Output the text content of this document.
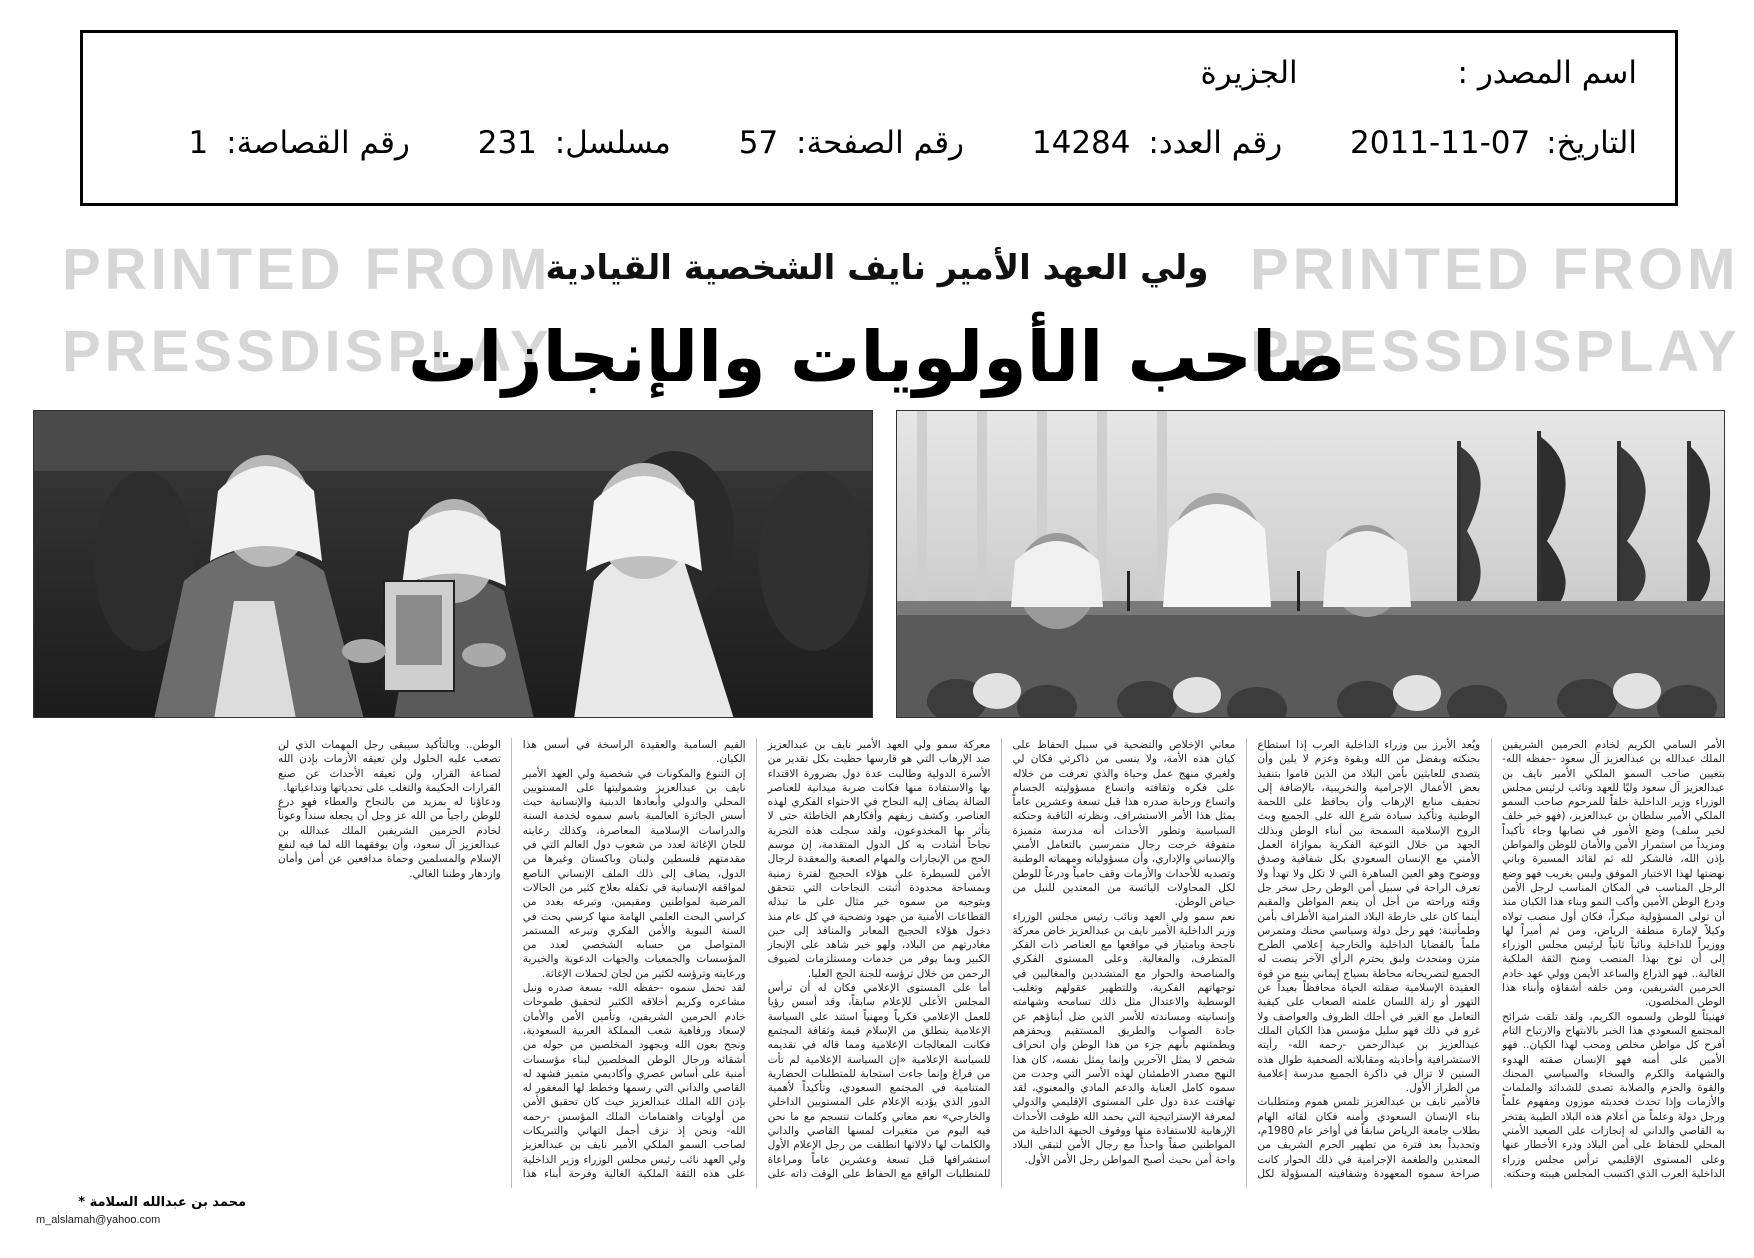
PRINTED FROM
PRESSDISPLAY
PRINTED FROM
PRESSDISPLAY
اسم المصدر : الجزيرة
التاريخ: 2011-11-07 رقم العدد: 14284 رقم الصفحة: 57 مسلسل: 231 رقم القصاصة: 1
ولي العهد الأمير نايف الشخصية القيادية
صاحب الأولويات والإنجازات

الأمر السامي الكريم لخادم الحرمين الشريفين الملك عبدالله بن عبدالعزيز آل سعود -حفظه الله- بتعيين صاحب السمو الملكي الأمير نايف بن عبدالعزيز آل سعود وليًا للعهد ونائب لرئيس مجلس الوزراء وزير الداخلية خلفاً للمرحوم صاحب السمو الملكي الأمير سلطان بن عبدالعزيز، (فهو خير خلف لخير سلف) وضع الأمور في نصابها وجاء تأكيداً ومزيداً من استمرار الأمن والأمان للوطن والمواطن بإذن الله، فالشكر لله ثم لقائد المسيرة وباني نهضتها لهذا الاختيار الموفق وليس بغريب فهو وضع الرجل المناسب في المكان المناسب لرجل الأمن ودرع الوطن الأمين وأكب النمو وبناء هذا الكيان منذ أن تولى المسؤولية مبكراً، فكان أول منصب تولاه وكيلاً لإمارة منطقة الرياض، ومن ثم أميراً لها ووزيراً للداخلية ونائباً ثانياً لرئيس مجلس الوزراء إلى أن توج بهذا المنصب ومنح الثقة الملكية الغالية.. فهو الذراع والساعد الأيمن وولي عهد خادم الحرمين الشريفين، ومن خلفه أشقاؤه وأبناء هذا الوطن المخلصون.

فهنيئاً للوطن ولسموه الكريم، ولقد تلقت شرائح المجتمع السعودي هذا الخبر بالابتهاج والارتياح التام أفرح كل مواطن مخلص ومحب لهذا الكيان.. فهو الأمين على أمنه فهو الإنسان صفته الهدوء والشهامة والكرم والسخاء والسياسي المحنك والقوة والحزم والصلابة تصدى للشدائد والملمات والأزمات وإذا تحدث فحديثه موزون ومفهوم علماً ورجل دولة وعلماً من أعلام هذه البلاد الطيبة يفتخر به القاصي والداني له إنجازات على الصعيد الأمني المحلي للحفاظ على أمن البلاد ودرء الأخطار عنها وعلى المستوى الإقليمي ترأس مجلس وزراء الداخلية العرب الذي اكتسب المجلس هيبته وحنكته.

ويُعد الأبرز بين وزراء الداخلية العرب إذا استطاع بحنكته وبفضل من الله وبقوة وعزم لا يلين وأن يتصدى للعابثين بأمن البلاد من الذين قاموا بتنفيذ بعض الأعمال الإجرامية والتخريبية، بالإضافة إلى تجفيف منابع الإرهاب وأن يحافظ على اللحمة الوطنية وتأكيد سيادة شرع الله على الجميع وبث الروح الإسلامية السمحة بين أبناء الوطن وبذلك الجهد من خلال التوعية الفكرية بموازاة العمل الأمني مع الإنسان السعودي بكل شفافية وصدق ووضوح وهو العين الساهرة التي لا تكل ولا تهدأ ولا تعرف الراحة في سبيل أمن الوطن رجل سخر جل وقته وراحته من أجل أن ينعم المواطن والمقيم أينما كان على خارطة البلاد المترامية الأطراف بأمن وطمأنينة: فهو رجل دولة وسياسي محنك ومتمرس ملماً بالقضايا الداخلية والخارجية إعلامي الطرح متزن ومتحدث ولبق يحترم الرأي الآخر ينصت له الجميع لتصريحاته محاطة بسياج إيماني ينبع من قوة العقيدة الإسلامية صقلته الحياة محافظاً بعيداً عن التهور أو زلة اللسان علمته الصعاب على كيفية التعامل مع الغير في أحلك الظروف والعواصف ولا غرو في ذلك فهو سليل مؤسس هذا الكيان الملك عبدالعزيز بن عبدالرحمن -رحمه الله- رأيته الاستشرافية وأحاديثه ومقابلاته الصحفية طوال هذه السنين لا تزال في ذاكرة الجميع مدرسة إعلامية من الطراز الأول.

فالأمير نايف بن عبدالعزيز تلمس هموم ومتطلبات بناء الإنسان السعودي وأمنه فكان لقائه الهام بطلاب جامعة الرياض سابقاً في أواخر عام 1980م، وتحديداً بعد فترة من تطهير الحرم الشريف من المعتدين والطغمة الإجرامية في ذلك الحوار كانت صراحة سموه المعهودة وشفافيته المسؤولة لكل معاني الإخلاص والتضحية في سبيل الحفاظ على كيان هذه الأمة، ولا ينسى من ذاكرتي فكان لي ولغيري منهج عمل وحياة والذي تعرفت من خلاله على فكره وثقافته واتساع مسؤوليته الجسام واتساع ورحابة صدره هذا قبل تسعة وعشرين عاماً يمثل هذا الأمر الاستشراف، ونظرته الثاقبة وحنكته السياسية وتطور الأحداث أنه مدرسة متميزة متفوقة خرجت رجال متمرسين بالتعامل الأمني والإنساني والإداري، وأن مسؤولياته ومهماته الوطنية وتصديه للأحداث والأزمات وقف حامياً ودرعاً للوطن لكل المحاولات اليائسة من المعتدين للنيل من حياض الوطن.

نعم سمو ولي العهد ونائب رئيس مجلس الوزراء وزير الداخلية الأمير نايف بن عبدالعزيز خاض معركة ناجحة وبامتياز في مواقعها مع العناصر ذات الفكر المتطرف، والمغالية. وعلى المستوى الفكري والمناصحة والحوار مع المتشددين والمغاليين في توجهاتهم الفكرية، وللتطهير عقولهم وتغليب الوسطية والاعتدال مثل ذلك تسامحه وشهامته وإنسانيته ومساندته للأسر الذين ضل أبناؤهم عن جادة الصواب والطريق المستقيم ويحفزهم ويطمئنهم بأنهم جزء من هذا الوطن وأن انحراف شخص لا يمثل الآخرين وإنما يمثل نفسه، كان هذا النهج مصدر الاطمئنان لهذه الأسر التي وجدت من سموه كامل العناية والدعم المادي والمعنوي، لقد تهافتت عدة دول على المستوى الإقليمي والدولي لمعرفة الإستراتيجية التي بحمد الله طوقت الأحداث الإرهابية للاستفادة منها ووقوف الجبهة الداخلية من المواطنين صفاً واحداً مع رجال الأمن لتبقى البلاد واحة أمن بحيث أصبح المواطن رجل الأمن الأول.

معركة سمو ولي العهد الأمير نايف بن عبدالعزيز ضد الإرهاب التي هو قارسها حظيت بكل تقدير من الأسرة الدولية وطالبت عدة دول بضرورة الاقتداء بها والاستفادة منها فكانت ضربة ميدانية للعناصر الضالة يضاف إليه النجاح في الاحتواء الفكري لهذه العناصر، وكشف زيفهم وأفكارهم الخاطئة حتى لا يتأثر بها المخدوعون، ولقد سجلت هذه التجربة نجاحاً أشادت به كل الدول المتقدمة، إن موسم الحج من الإنجازات والمهام الصعبة والمعقدة لرجال الأمن للسيطرة على هؤلاء الحجيج لفترة زمنية وبمساحة محدودة أثبتت النجاحات التي تتحقق وبتوجيه من سموه خير مثال على ما تبذله القطاعات الأمنية من جهود وتضحية في كل عام منذ دخول هؤلاء الحجيج المعابر والمنافذ إلى حين مغادرتهم من البلاد، ولهو خير شاهد على الإنجاز الكبير وبما يوفر من خدمات ومستلزمات لضيوف الرحمن من خلال ترؤسه للجنة الحج العليا.

أما على المستوى الإعلامي فكان له أن ترأس المجلس الأعلى للإعلام سابقاً، وقد أسس رؤيا للعمل الإعلامي فكرياً ومهنياً استند على السياسة الإعلامية ينطلق من الإسلام قيمة وثقافة المجتمع فكانت المعالجات الإعلامية ومما قاله في تقديمه للسياسة الإعلامية «إن السياسة الإعلامية لم تأت من فراغ وإنما جاءت استجابة للمتطلبات الحضارية المتنامية في المجتمع السعودي، وتأكيداً لأهمية الدور الذي يؤديه الإعلام على المستويين الداخلي والخارجي» نعم معاني وكلمات تنسجم مع ما نحن فيه اليوم من متغيرات لمسها القاصي والداني والكلمات لها دلالاتها انطلقت من رجل الإعلام الأول استشرافها قبل تسعة وعشرين عاماً ومراعاة للمتطلبات الواقع مع الحفاظ على الوقت ذاته على القيم السامية والعقيدة الراسخة في أسس هذا الكيان.

إن التنوع والمكونات في شخصية ولي العهد الأمير نايف بن عبدالعزيز وشموليتها على المستويين المحلي والدولي وأبعادها الدينية والإنسانية حيث أسس الجائزة العالمية باسم سموه لخدمة السنة والدراسات الإسلامية المعاصرة، وكذلك رعايته للجان الإغاثة لعدد من شعوب دول العالم التي في مقدمتهم فلسطين ولبنان وباكستان وغيرها من الدول، يضاف إلى ذلك الملف الإنساني الناصع لمواقفه الإنسانية في تكفله بعلاج كثير من الحالات المرضية لمواطنين ومقيمين، وتبرعه بعدد من كراسي البحث العلمي الهامة منها كرسي بحث في السنة النبوية والأمن الفكري وتبرعه المستمر المتواصل من حسابه الشخصي لعدد من المؤسسات والجمعيات والجهات الدعوية والخيرية ورعايته وترؤسه لكثير من لجان لحملات الإغاثة.

لقد تحمل سموه -حفظه الله- بسعة صدره ونبل مشاعره وكريم أخلاقه الكثير لتحقيق طموحات خادم الحرمين الشريفين، وتأمين الأمن والأمان لإسعاد ورفاهية شعب المملكة العربية السعودية، ونجح بعون الله وبجهود المخلصين من حوله من أشقائه ورجال الوطن المخلصين لبناء مؤسسات أمنية على أساس عصري وأكاديمي متميز فشهد له القاصي والداني التي رسمها وخطط لها المغفور له بإذن الله الملك عبدالعزيز حيث كان تحقيق الأمن من أولويات واهتمامات الملك المؤسس -رحمه الله- ونحن إذ نزف أجمل التهاني والتبريكات لصاحب السمو الملكي الأمير نايف بن عبدالعزيز ولي العهد نائب رئيس مجلس الوزراء وزير الداخلية على هذه الثقة الملكية الغالية وفرحة أبناء هذا الوطن.. وبالتأكيد سيبقى رجل المهمات الذي لن تصعب عليه الحلول ولن تعيقه الأزمات بإذن الله لصناعة القرار، ولن تعيقه الأحداث عن صنع القرارات الحكيمة والتغلب على تحدياتها وتداعياتها.

ودعاؤنا له بمزيد من بالنجاح والعطاء فهو درع للوطن راجياً من الله عز وجل أن يجعله سنداً وعوناً لخادم الحرمين الشريفين الملك عبدالله بن عبدالعزيز آل سعود، وأن يوفقهما الله لما فيه لنفع الإسلام والمسلمين وحماة مدافعين عن أمن وأمان وازدهار وطننا الغالي.

محمد بن عبدالله السلامة *
m_alslamah@yahoo.com
